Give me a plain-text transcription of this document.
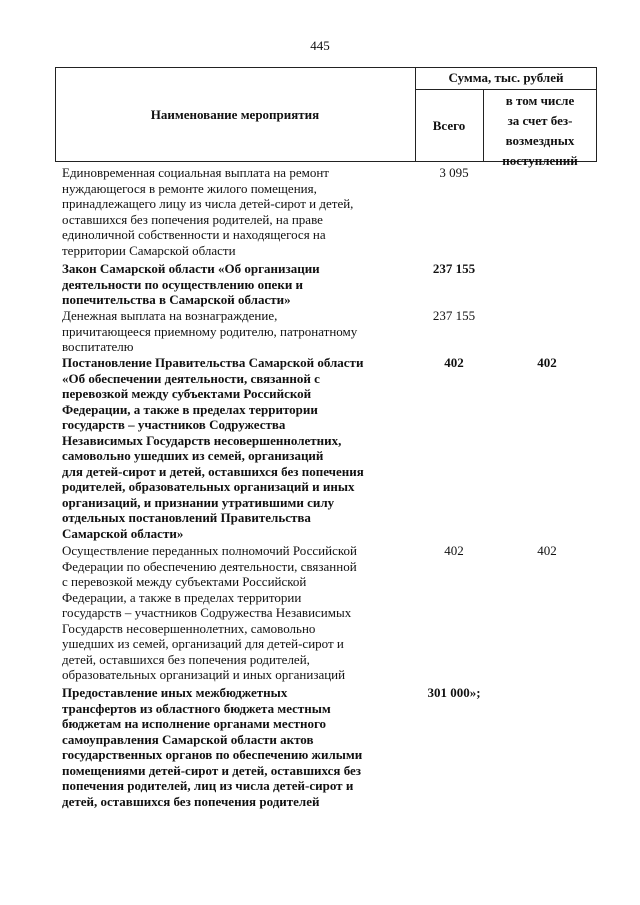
445
Наименование мероприятия
Сумма, тыс. рублей
Всего
в том числе
за счет без-
возмездных
поступлений
Единовременная социальная выплата на ремонт
нуждающегося в ремонте жилого помещения,
принадлежащего лицу из числа детей-сирот и детей,
оставшихся без попечения родителей, на праве
единоличной собственности и находящегося на
территории Самарской области
3 095
Закон Самарской области «Об организации
деятельности по осуществлению опеки и
попечительства в Самарской области»
237 155
Денежная выплата на вознаграждение,
причитающееся приемному родителю, патронатному
воспитателю
237 155
Постановление Правительства Самарской области
«Об обеспечении деятельности, связанной с
перевозкой между субъектами Российской
Федерации, а также в пределах территории
государств – участников Содружества
Независимых Государств несовершеннолетних,
самовольно ушедших из семей, организаций
для детей-сирот и детей, оставшихся без попечения
родителей, образовательных организаций и иных
организаций, и признании утратившими силу
отдельных постановлений Правительства
Самарской области»
402	402
Осуществление переданных полномочий Российской
Федерации по обеспечению деятельности, связанной
с перевозкой между субъектами Российской
Федерации, а также в пределах территории
государств – участников Содружества Независимых
Государств несовершеннолетних, самовольно
ушедших из семей, организаций для детей-сирот и
детей, оставшихся без попечения родителей,
образовательных организаций и иных организаций
402	402
Предоставление иных межбюджетных
трансфертов из областного бюджета местным
бюджетам на исполнение органами местного
самоуправления Самарской области актов
государственных органов по обеспечению жилыми
помещениями детей-сирот и детей, оставшихся без
попечения родителей, лиц из числа детей-сирот и
детей, оставшихся без попечения родителей
301 000»;
